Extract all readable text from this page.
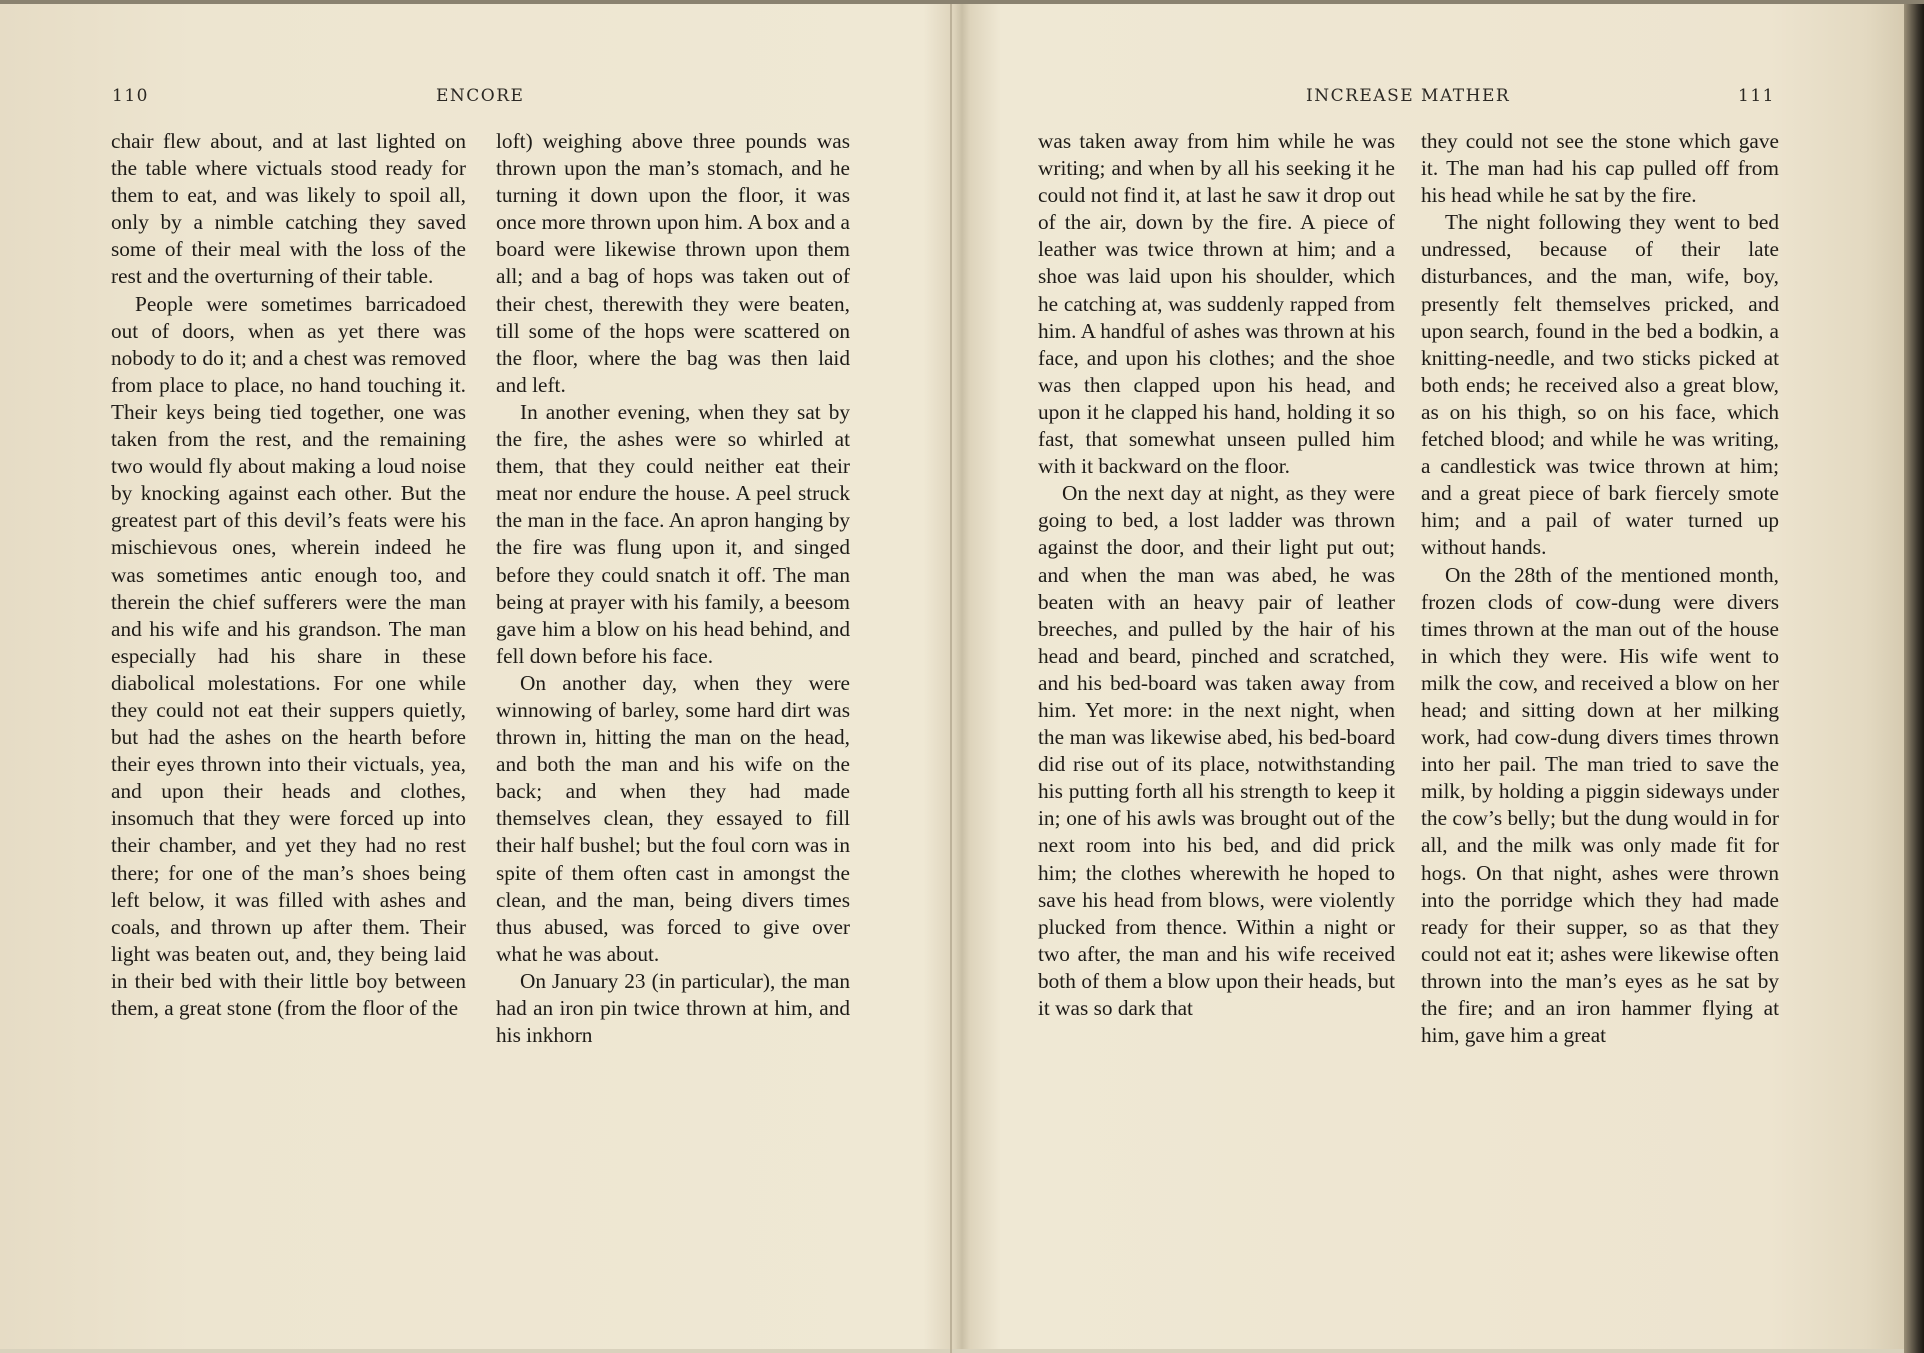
110	ENCORE

chair flew about, and at last lighted on the table where victuals stood ready for them to eat, and was likely to spoil all, only by a nimble catching they saved some of their meal with the loss of the rest and the overturning of their table.

People were sometimes barricadoed out of doors, when as yet there was nobody to do it; and a chest was removed from place to place, no hand touching it. Their keys being tied together, one was taken from the rest, and the remaining two would fly about making a loud noise by knocking against each other. But the greatest part of this devil’s feats were his mischievous ones, wherein indeed he was sometimes antic enough too, and therein the chief sufferers were the man and his wife and his grandson. The man especially had his share in these diabolical molestations. For one while they could not eat their suppers quietly, but had the ashes on the hearth before their eyes thrown into their victuals, yea, and upon their heads and clothes, insomuch that they were forced up into their chamber, and yet they had no rest there; for one of the man’s shoes being left below, it was filled with ashes and coals, and thrown up after them. Their light was beaten out, and, they being laid in their bed with their little boy between them, a great stone (from the floor of the

loft) weighing above three pounds was thrown upon the man’s stomach, and he turning it down upon the floor, it was once more thrown upon him. A box and a board were likewise thrown upon them all; and a bag of hops was taken out of their chest, therewith they were beaten, till some of the hops were scattered on the floor, where the bag was then laid and left.

In another evening, when they sat by the fire, the ashes were so whirled at them, that they could neither eat their meat nor endure the house. A peel struck the man in the face. An apron hanging by the fire was flung upon it, and singed before they could snatch it off. The man being at prayer with his family, a beesom gave him a blow on his head behind, and fell down before his face.

On another day, when they were winnowing of barley, some hard dirt was thrown in, hitting the man on the head, and both the man and his wife on the back; and when they had made themselves clean, they essayed to fill their half bushel; but the foul corn was in spite of them often cast in amongst the clean, and the man, being divers times thus abused, was forced to give over what he was about.

On January 23 (in particular), the man had an iron pin twice thrown at him, and his inkhorn

INCREASE MATHER	111

was taken away from him while he was writing; and when by all his seeking it he could not find it, at last he saw it drop out of the air, down by the fire. A piece of leather was twice thrown at him; and a shoe was laid upon his shoulder, which he catching at, was suddenly rapped from him. A handful of ashes was thrown at his face, and upon his clothes; and the shoe was then clapped upon his head, and upon it he clapped his hand, holding it so fast, that somewhat unseen pulled him with it backward on the floor.

On the next day at night, as they were going to bed, a lost ladder was thrown against the door, and their light put out; and when the man was abed, he was beaten with an heavy pair of leather breeches, and pulled by the hair of his head and beard, pinched and scratched, and his bed-board was taken away from him. Yet more: in the next night, when the man was likewise abed, his bed-board did rise out of its place, notwithstanding his putting forth all his strength to keep it in; one of his awls was brought out of the next room into his bed, and did prick him; the clothes wherewith he hoped to save his head from blows, were violently plucked from thence. Within a night or two after, the man and his wife received both of them a blow upon their heads, but it was so dark that

they could not see the stone which gave it. The man had his cap pulled off from his head while he sat by the fire.

The night following they went to bed undressed, because of their late disturbances, and the man, wife, boy, presently felt themselves pricked, and upon search, found in the bed a bodkin, a knitting-needle, and two sticks picked at both ends; he received also a great blow, as on his thigh, so on his face, which fetched blood; and while he was writing, a candlestick was twice thrown at him; and a great piece of bark fiercely smote him; and a pail of water turned up without hands.

On the 28th of the mentioned month, frozen clods of cow-dung were divers times thrown at the man out of the house in which they were. His wife went to milk the cow, and received a blow on her head; and sitting down at her milking work, had cow-dung divers times thrown into her pail. The man tried to save the milk, by holding a piggin sideways under the cow’s belly; but the dung would in for all, and the milk was only made fit for hogs. On that night, ashes were thrown into the porridge which they had made ready for their supper, so as that they could not eat it; ashes were likewise often thrown into the man’s eyes as he sat by the fire; and an iron hammer flying at him, gave him a great
